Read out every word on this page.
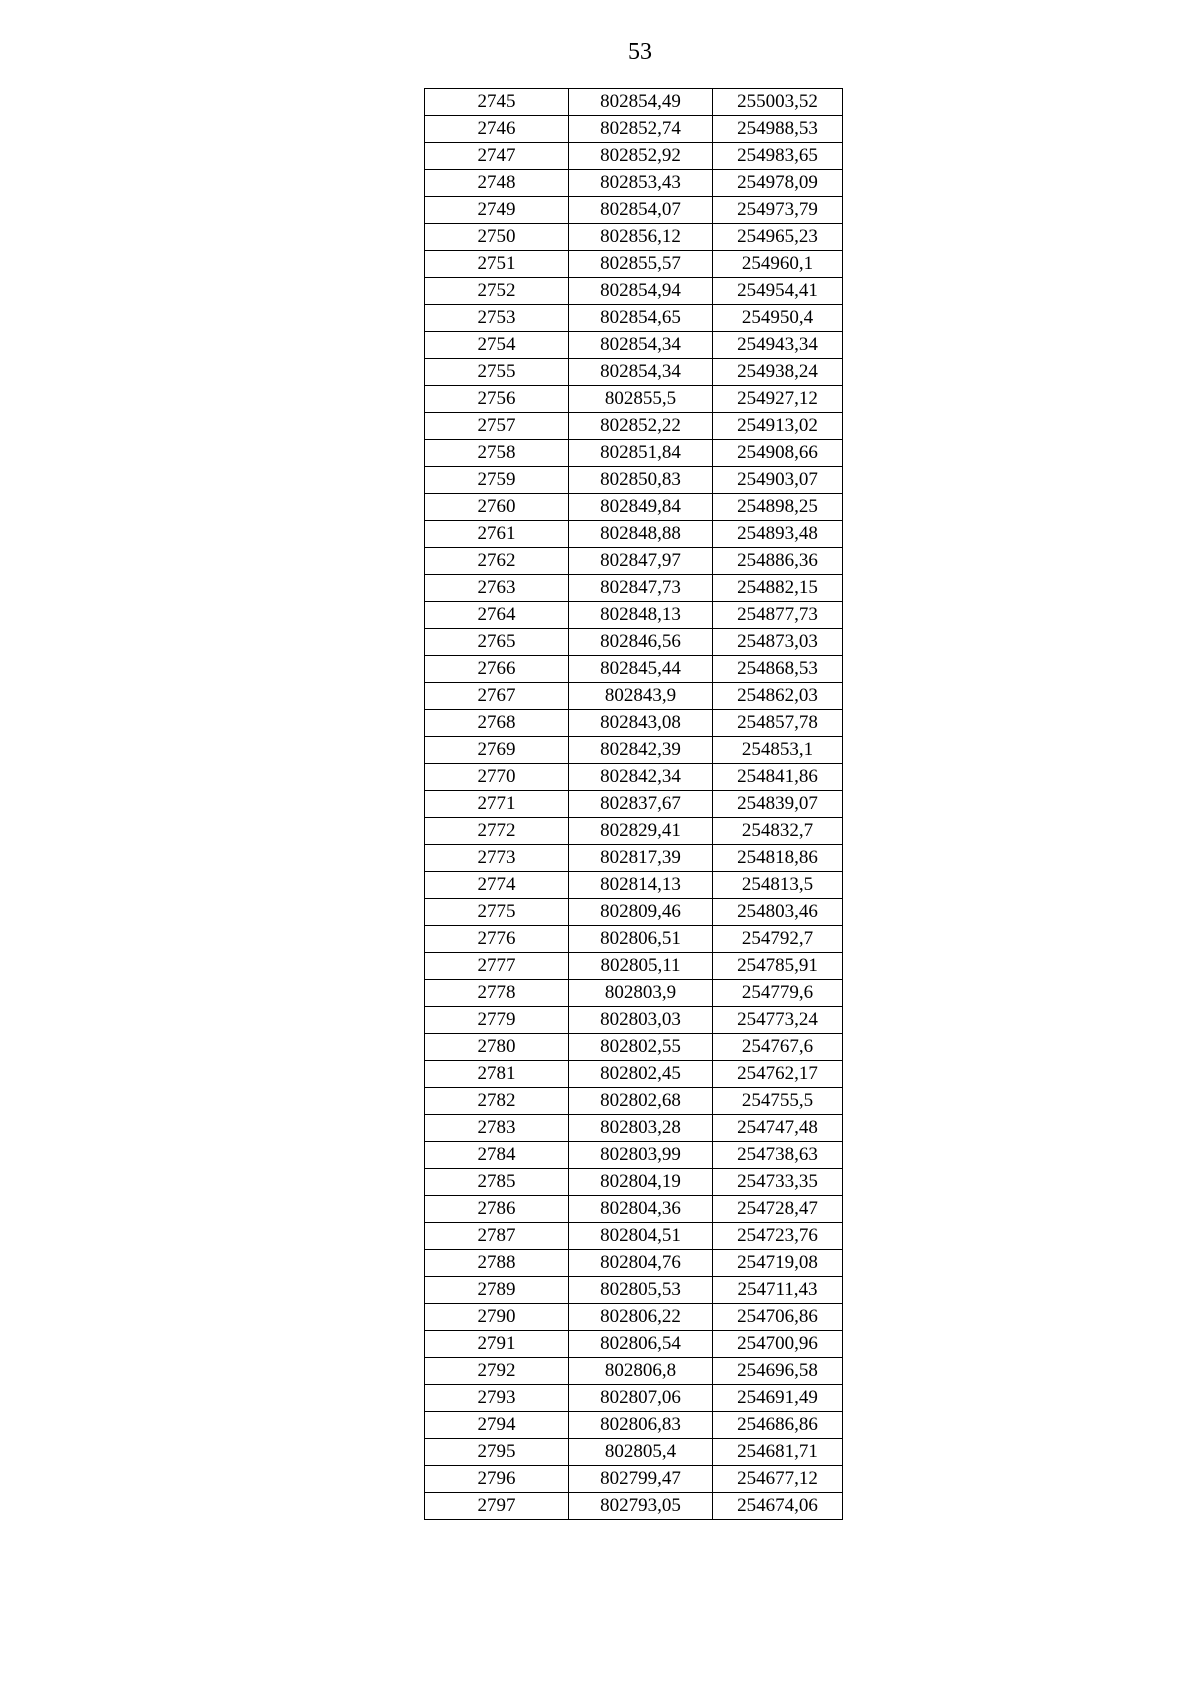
53
2745	802854,49	255003,52
2746	802852,74	254988,53
2747	802852,92	254983,65
2748	802853,43	254978,09
2749	802854,07	254973,79
2750	802856,12	254965,23
2751	802855,57	254960,1
2752	802854,94	254954,41
2753	802854,65	254950,4
2754	802854,34	254943,34
2755	802854,34	254938,24
2756	802855,5	254927,12
2757	802852,22	254913,02
2758	802851,84	254908,66
2759	802850,83	254903,07
2760	802849,84	254898,25
2761	802848,88	254893,48
2762	802847,97	254886,36
2763	802847,73	254882,15
2764	802848,13	254877,73
2765	802846,56	254873,03
2766	802845,44	254868,53
2767	802843,9	254862,03
2768	802843,08	254857,78
2769	802842,39	254853,1
2770	802842,34	254841,86
2771	802837,67	254839,07
2772	802829,41	254832,7
2773	802817,39	254818,86
2774	802814,13	254813,5
2775	802809,46	254803,46
2776	802806,51	254792,7
2777	802805,11	254785,91
2778	802803,9	254779,6
2779	802803,03	254773,24
2780	802802,55	254767,6
2781	802802,45	254762,17
2782	802802,68	254755,5
2783	802803,28	254747,48
2784	802803,99	254738,63
2785	802804,19	254733,35
2786	802804,36	254728,47
2787	802804,51	254723,76
2788	802804,76	254719,08
2789	802805,53	254711,43
2790	802806,22	254706,86
2791	802806,54	254700,96
2792	802806,8	254696,58
2793	802807,06	254691,49
2794	802806,83	254686,86
2795	802805,4	254681,71
2796	802799,47	254677,12
2797	802793,05	254674,06
